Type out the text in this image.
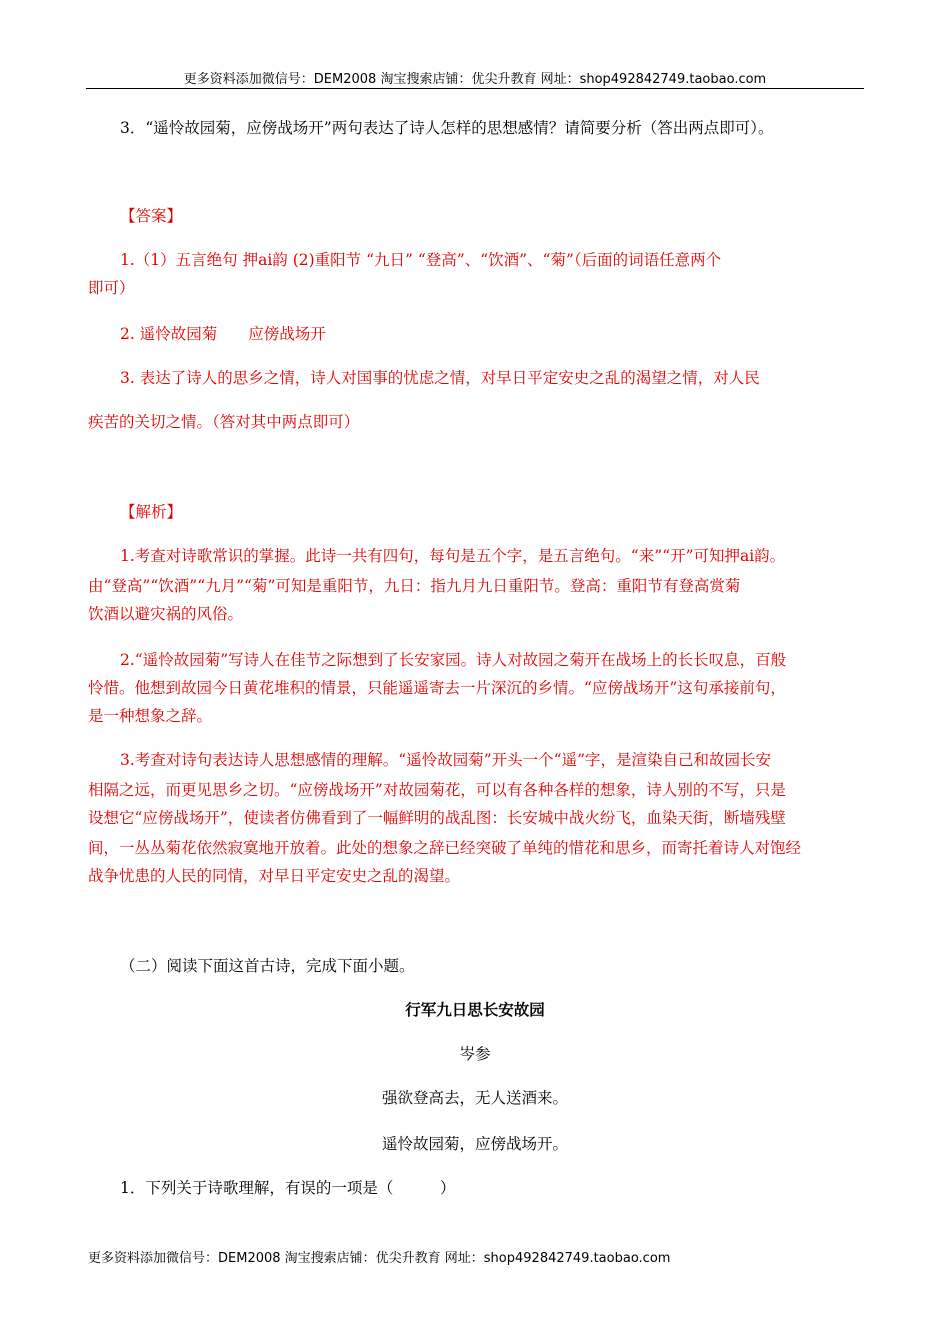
更多资料添加微信号：DEM2008 淘宝搜索店铺：优尖升教育 网址：shop492842749.taobao.com
3．“遥怜故园菊，应傍战场开”两句表达了诗人怎样的思想感情？请简要分析（答出两点即可）。
【答案】
1.（1）五言绝句 押ai韵 (2)重阳节 “九日” “登高”、“饮酒”、“菊”（后面的词语任意两个
即可）
2. 遥怜故园菊　　应傍战场开
3. 表达了诗人的思乡之情，诗人对国事的忧虑之情，对早日平定安史之乱的渴望之情，对人民
疾苦的关切之情。（答对其中两点即可）
【解析】
1.考查对诗歌常识的掌握。此诗一共有四句，每句是五个字，是五言绝句。“来”“开”可知押ai韵。
由“登高”“饮酒”“九月”“菊”可知是重阳节，九日：指九月九日重阳节。登高：重阳节有登高赏菊
饮酒以避灾祸的风俗。
2.“遥怜故园菊”写诗人在佳节之际想到了长安家园。诗人对故园之菊开在战场上的长长叹息，百般
怜惜。他想到故园今日黄花堆积的情景，只能遥遥寄去一片深沉的乡情。“应傍战场开”这句承接前句，
是一种想象之辞。
3.考查对诗句表达诗人思想感情的理解。“遥怜故园菊”开头一个“遥”字，是渲染自己和故园长安
相隔之远，而更见思乡之切。“应傍战场开”对故园菊花，可以有各种各样的想象，诗人别的不写，只是
设想它“应傍战场开”，使读者仿佛看到了一幅鲜明的战乱图：长安城中战火纷飞，血染天街，断墙残壁
间，一丛丛菊花依然寂寞地开放着。此处的想象之辞已经突破了单纯的惜花和思乡，而寄托着诗人对饱经
战争忧患的人民的同情，对早日平定安史之乱的渴望。
（二）阅读下面这首古诗，完成下面小题。
行军九日思长安故园
岑参
强欲登高去，无人送酒来。
遥怜故园菊，应傍战场开。
1．下列关于诗歌理解，有误的一项是（　　　）
更多资料添加微信号：DEM2008 淘宝搜索店铺：优尖升教育 网址：shop492842749.taobao.com
